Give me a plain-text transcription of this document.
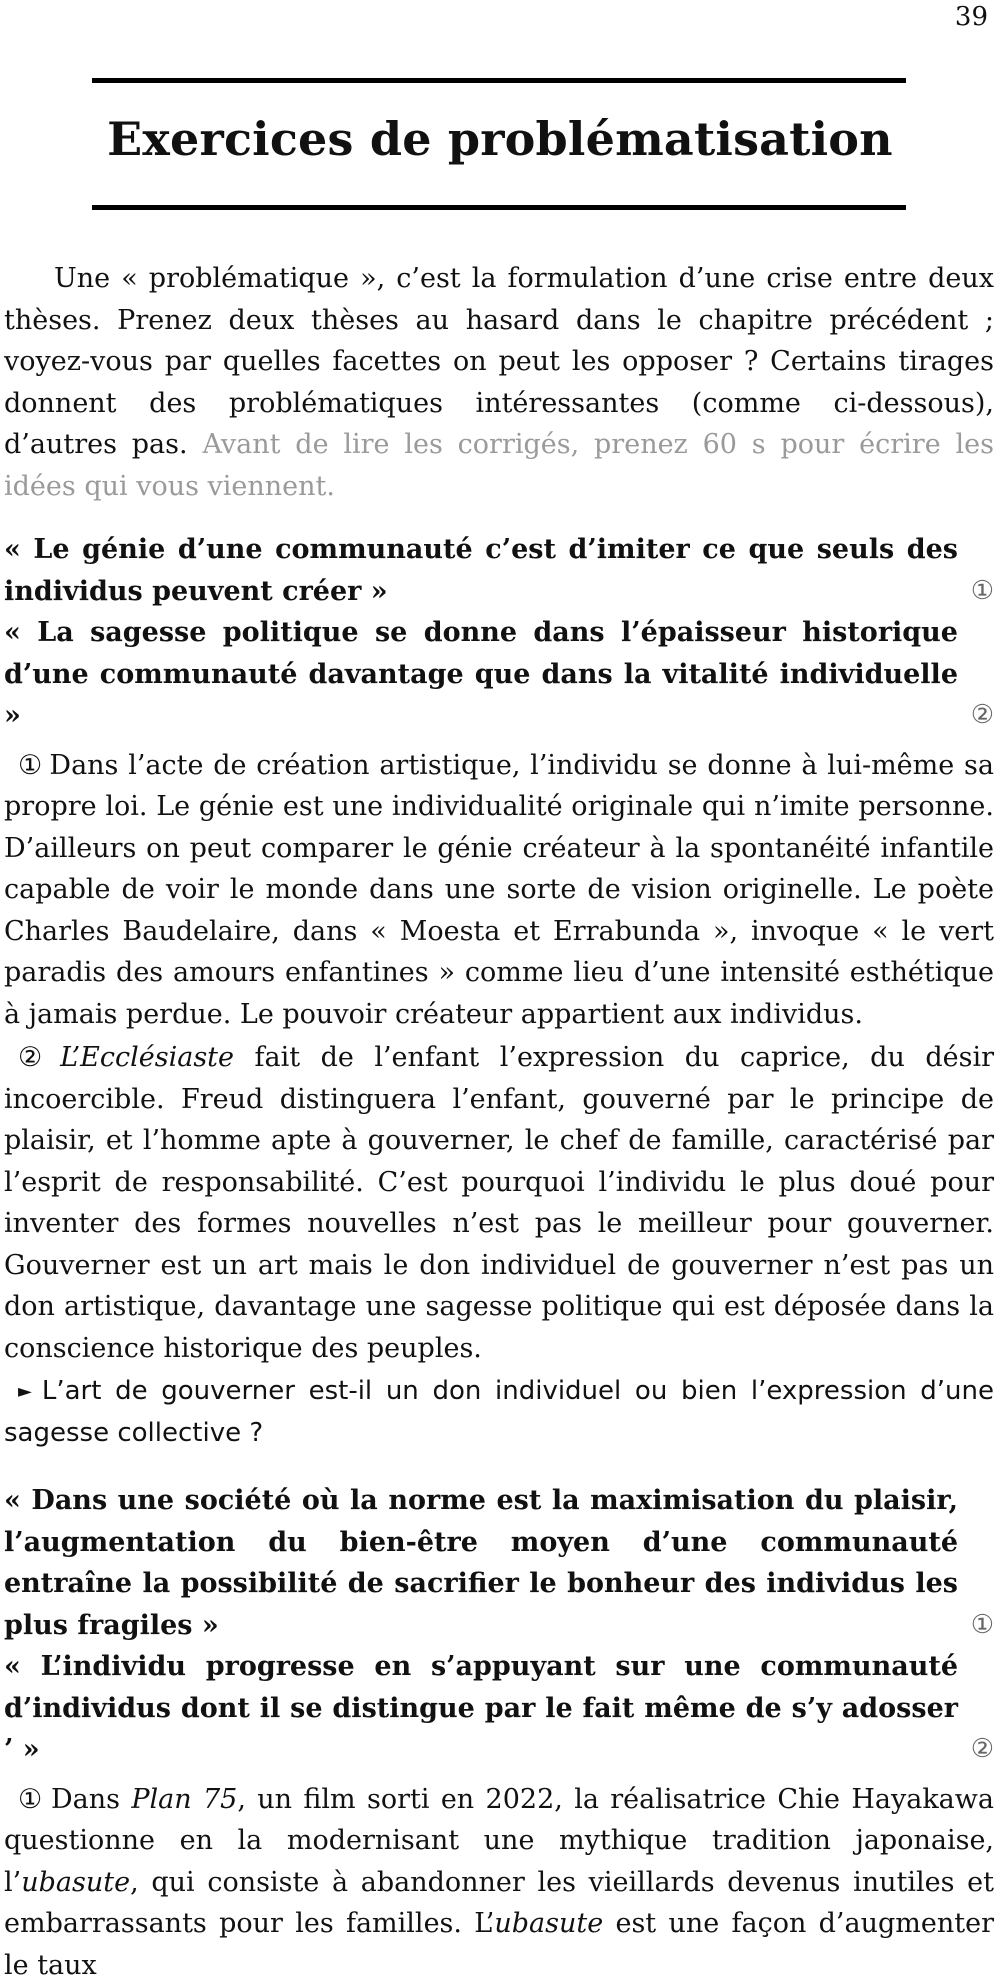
39
Exercices de problématisation

Une « problématique », c’est la formulation d’une crise entre deux thèses. Prenez deux thèses au hasard dans le chapitre précédent ; voyez-vous par quelles facettes on peut les opposer ? Certains tirages donnent des problématiques intéressantes (comme ci-dessous), d’autres pas. Avant de lire les corrigés, prenez 60 s pour écrire les idées qui vous viennent.

« Le génie d’une communauté c’est d’imiter ce que seuls des individus peuvent créer »	①
« La sagesse politique se donne dans l’épaisseur historique d’une communauté davantage que dans la vitalité individuelle »	②

① Dans l’acte de création artistique, l’individu se donne à lui-même sa propre loi. Le génie est une individualité originale qui n’imite personne. D’ailleurs on peut comparer le génie créateur à la spontanéité infantile capable de voir le monde dans une sorte de vision originelle. Le poète Charles Baudelaire, dans « Moesta et Errabunda », invoque « le vert paradis des amours enfantines » comme lieu d’une intensité esthétique à jamais perdue. Le pouvoir créateur appartient aux individus.

② L’Ecclésiaste fait de l’enfant l’expression du caprice, du désir incoercible. Freud distinguera l’enfant, gouverné par le principe de plaisir, et l’homme apte à gouverner, le chef de famille, caractérisé par l’esprit de responsabilité. C’est pourquoi l’individu le plus doué pour inventer des formes nouvelles n’est pas le meilleur pour gouverner. Gouverner est un art mais le don individuel de gouverner n’est pas un don artistique, davantage une sagesse politique qui est déposée dans la conscience historique des peuples.

► L’art de gouverner est-il un don individuel ou bien l’expression d’une sagesse collective ?

« Dans une société où la norme est la maximisation du plaisir, l’augmentation du bien-être moyen d’une communauté entraîne la possibilité de sacrifier le bonheur des individus les plus fragiles »	①
« L’individu progresse en s’appuyant sur une communauté d’individus dont il se distingue par le fait même de s’y adosser ’ »	②

① Dans Plan 75, un film sorti en 2022, la réalisatrice Chie Hayakawa questionne en la modernisant une mythique tradition japonaise, l’ubasute, qui consiste à abandonner les vieillards devenus inutiles et embarrassants pour les familles. L’ubasute est une façon d’augmenter le taux
